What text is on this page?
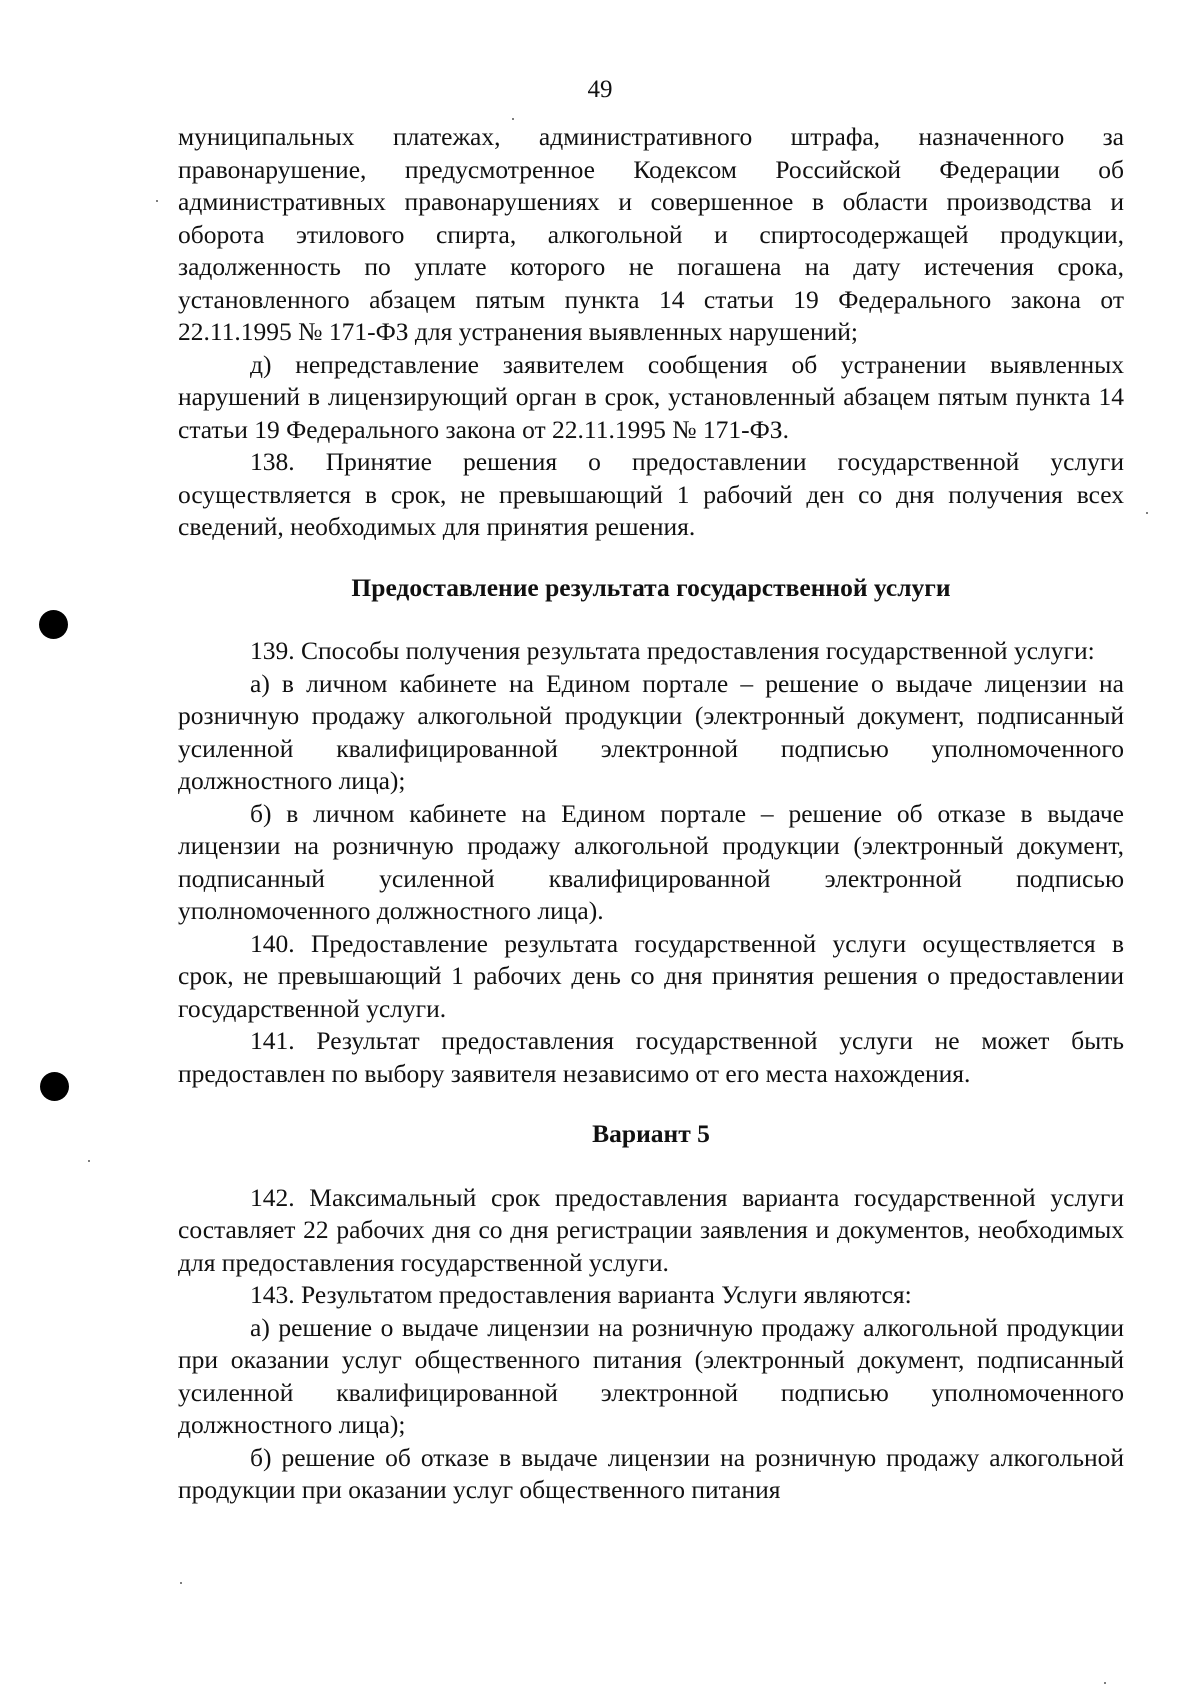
49

муниципальных платежах, административного штрафа, назначенного за правонарушение, предусмотренное Кодексом Российской Федерации об административных правонарушениях и совершенное в области производства и оборота этилового спирта, алкогольной и спиртосодержащей продукции, задолженность по уплате которого не погашена на дату истечения срока, установленного абзацем пятым пункта 14 статьи 19 Федерального закона от 22.11.1995 № 171-ФЗ для устранения выявленных нарушений;

д) непредставление заявителем сообщения об устранении выявленных нарушений в лицензирующий орган в срок, установленный абзацем пятым пункта 14 статьи 19 Федерального закона от 22.11.1995 № 171-ФЗ.

138. Принятие решения о предоставлении государственной услуги осуществляется в срок, не превышающий 1 рабочий ден со дня получения всех сведений, необходимых для принятия решения.

Предоставление результата государственной услуги

139. Способы получения результата предоставления государственной услуги:

а) в личном кабинете на Едином портале – решение о выдаче лицензии на розничную продажу алкогольной продукции (электронный документ, подписанный усиленной квалифицированной электронной подписью уполномоченного должностного лица);

б) в личном кабинете на Едином портале – решение об отказе в выдаче лицензии на розничную продажу алкогольной продукции (электронный документ, подписанный усиленной квалифицированной электронной подписью уполномоченного должностного лица).

140. Предоставление результата государственной услуги осуществляется в срок, не превышающий 1 рабочих день со дня принятия решения о предоставлении государственной услуги.

141. Результат предоставления государственной услуги не может быть предоставлен по выбору заявителя независимо от его места нахождения.

Вариант 5

142. Максимальный срок предоставления варианта государственной услуги составляет 22 рабочих дня со дня регистрации заявления и документов, необходимых для предоставления государственной услуги.

143. Результатом предоставления варианта Услуги являются:

а) решение о выдаче лицензии на розничную продажу алкогольной продукции при оказании услуг общественного питания (электронный документ, подписанный усиленной квалифицированной электронной подписью уполномоченного должностного лица);

б) решение об отказе в выдаче лицензии на розничную продажу алкогольной продукции при оказании услуг общественного питания
